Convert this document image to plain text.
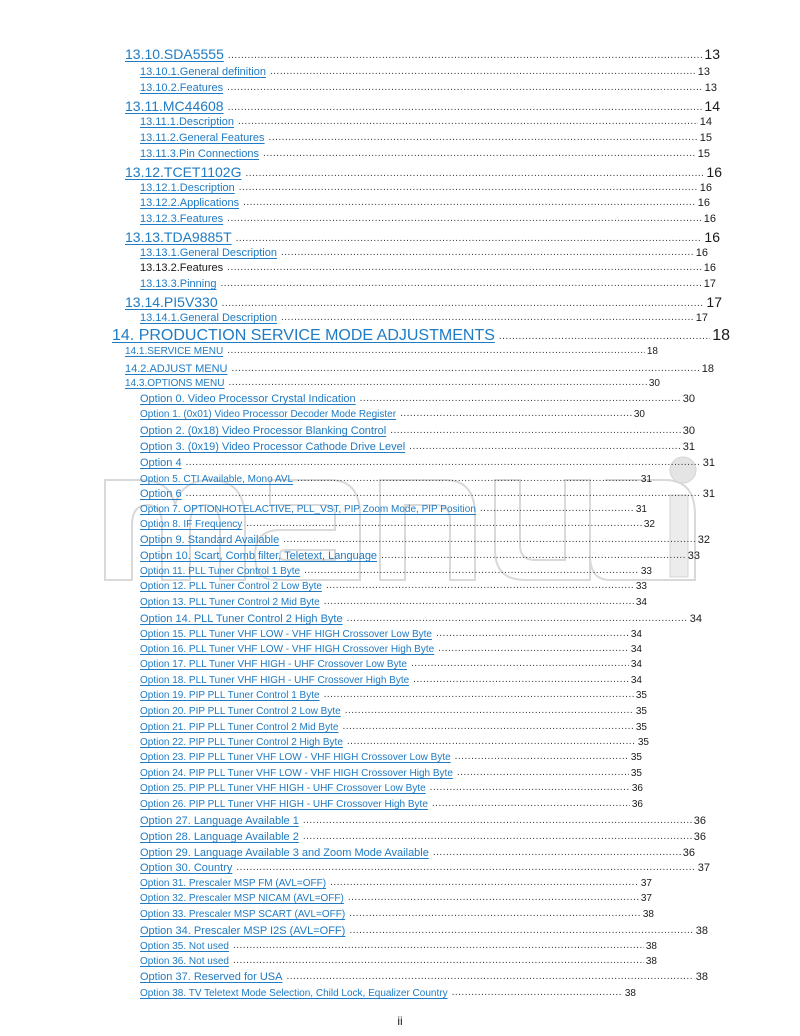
13.10.SDA5555 .....	13
13.10.1.General definition .....	13
13.10.2.Features .....	13
13.11.MC44608 .....	14
13.11.1.Description .....	14
13.11.2.General Features .....	15
13.11.3.Pin Connections .....	15
13.12.TCET1102G .....	16
13.12.1.Description .....	16
13.12.2.Applications .....	16
13.12.3.Features .....	16
13.13.TDA9885T .....	16
13.13.1.General Description .....	16
13.13.2.Features .....	16
13.13.3.Pinning .....	17
13.14.PI5V330 .....	17
13.14.1.General Description .....	17
14. PRODUCTION SERVICE MODE ADJUSTMENTS .....	18
14.1.SERVICE MENU .....	18
14.2.ADJUST MENU .....	18
14.3.OPTIONS MENU .....	30
Option 0. Video Processor Crystal Indication .....	30
Option 1. (0x01) Video Processor Decoder Mode Register .....	30
Option 2. (0x18) Video Processor Blanking Control .....	30
Option 3. (0x19) Video Processor Cathode Drive Level .....	31
Option 4 .....	31
Option 5. CTI Available, Mono AVL .....	31
Option 6 .....	31
Option 7. OPTIONHOTELACTIVE, PLL_VST, PIP Zoom Mode, PIP Position .....	31
Option 8. IF Frequency .....	32
Option 9. Standard Available .....	32
Option 10. Scart, Comb filter, Teletext, Language .....	33
Option 11. PLL Tuner Control 1 Byte .....	33
Option 12. PLL Tuner Control 2 Low Byte .....	33
Option 13. PLL Tuner Control 2 Mid Byte .....	34
Option 14. PLL Tuner Control 2 High Byte .....	34
Option 15. PLL Tuner VHF LOW - VHF HIGH Crossover Low Byte .....	34
Option 16. PLL Tuner VHF LOW - VHF HIGH Crossover High Byte .....	34
Option 17. PLL Tuner VHF HIGH - UHF Crossover Low Byte .....	34
Option 18. PLL Tuner VHF HIGH - UHF Crossover High Byte .....	34
Option 19. PIP PLL Tuner Control 1 Byte .....	35
Option 20. PIP PLL Tuner Control 2 Low Byte .....	35
Option 21. PIP PLL Tuner Control 2 Mid Byte .....	35
Option 22. PIP PLL Tuner Control 2 High Byte .....	35
Option 23. PIP PLL Tuner VHF LOW - VHF HIGH Crossover Low Byte .....	35
Option 24. PIP PLL Tuner VHF LOW - VHF HIGH Crossover High Byte .....	35
Option 25. PIP PLL Tuner VHF HIGH - UHF Crossover Low Byte .....	36
Option 26. PIP PLL Tuner VHF HIGH - UHF Crossover High Byte .....	36
Option 27. Language Available 1 .....	36
Option 28. Language Available 2 .....	36
Option 29. Language Available 3 and Zoom Mode Available .....	36
Option 30. Country .....	37
Option 31. Prescaler MSP FM (AVL=OFF) .....	37
Option 32. Prescaler MSP NICAM (AVL=OFF) .....	37
Option 33. Prescaler MSP SCART (AVL=OFF) .....	38
Option 34. Prescaler MSP I2S (AVL=OFF) .....	38
Option 35. Not used .....	38
Option 36. Not used .....	38
Option 37. Reserved for USA .....	38
Option 38. TV Teletext Mode Selection, Child Lock, Equalizer Country .....	38
ii
